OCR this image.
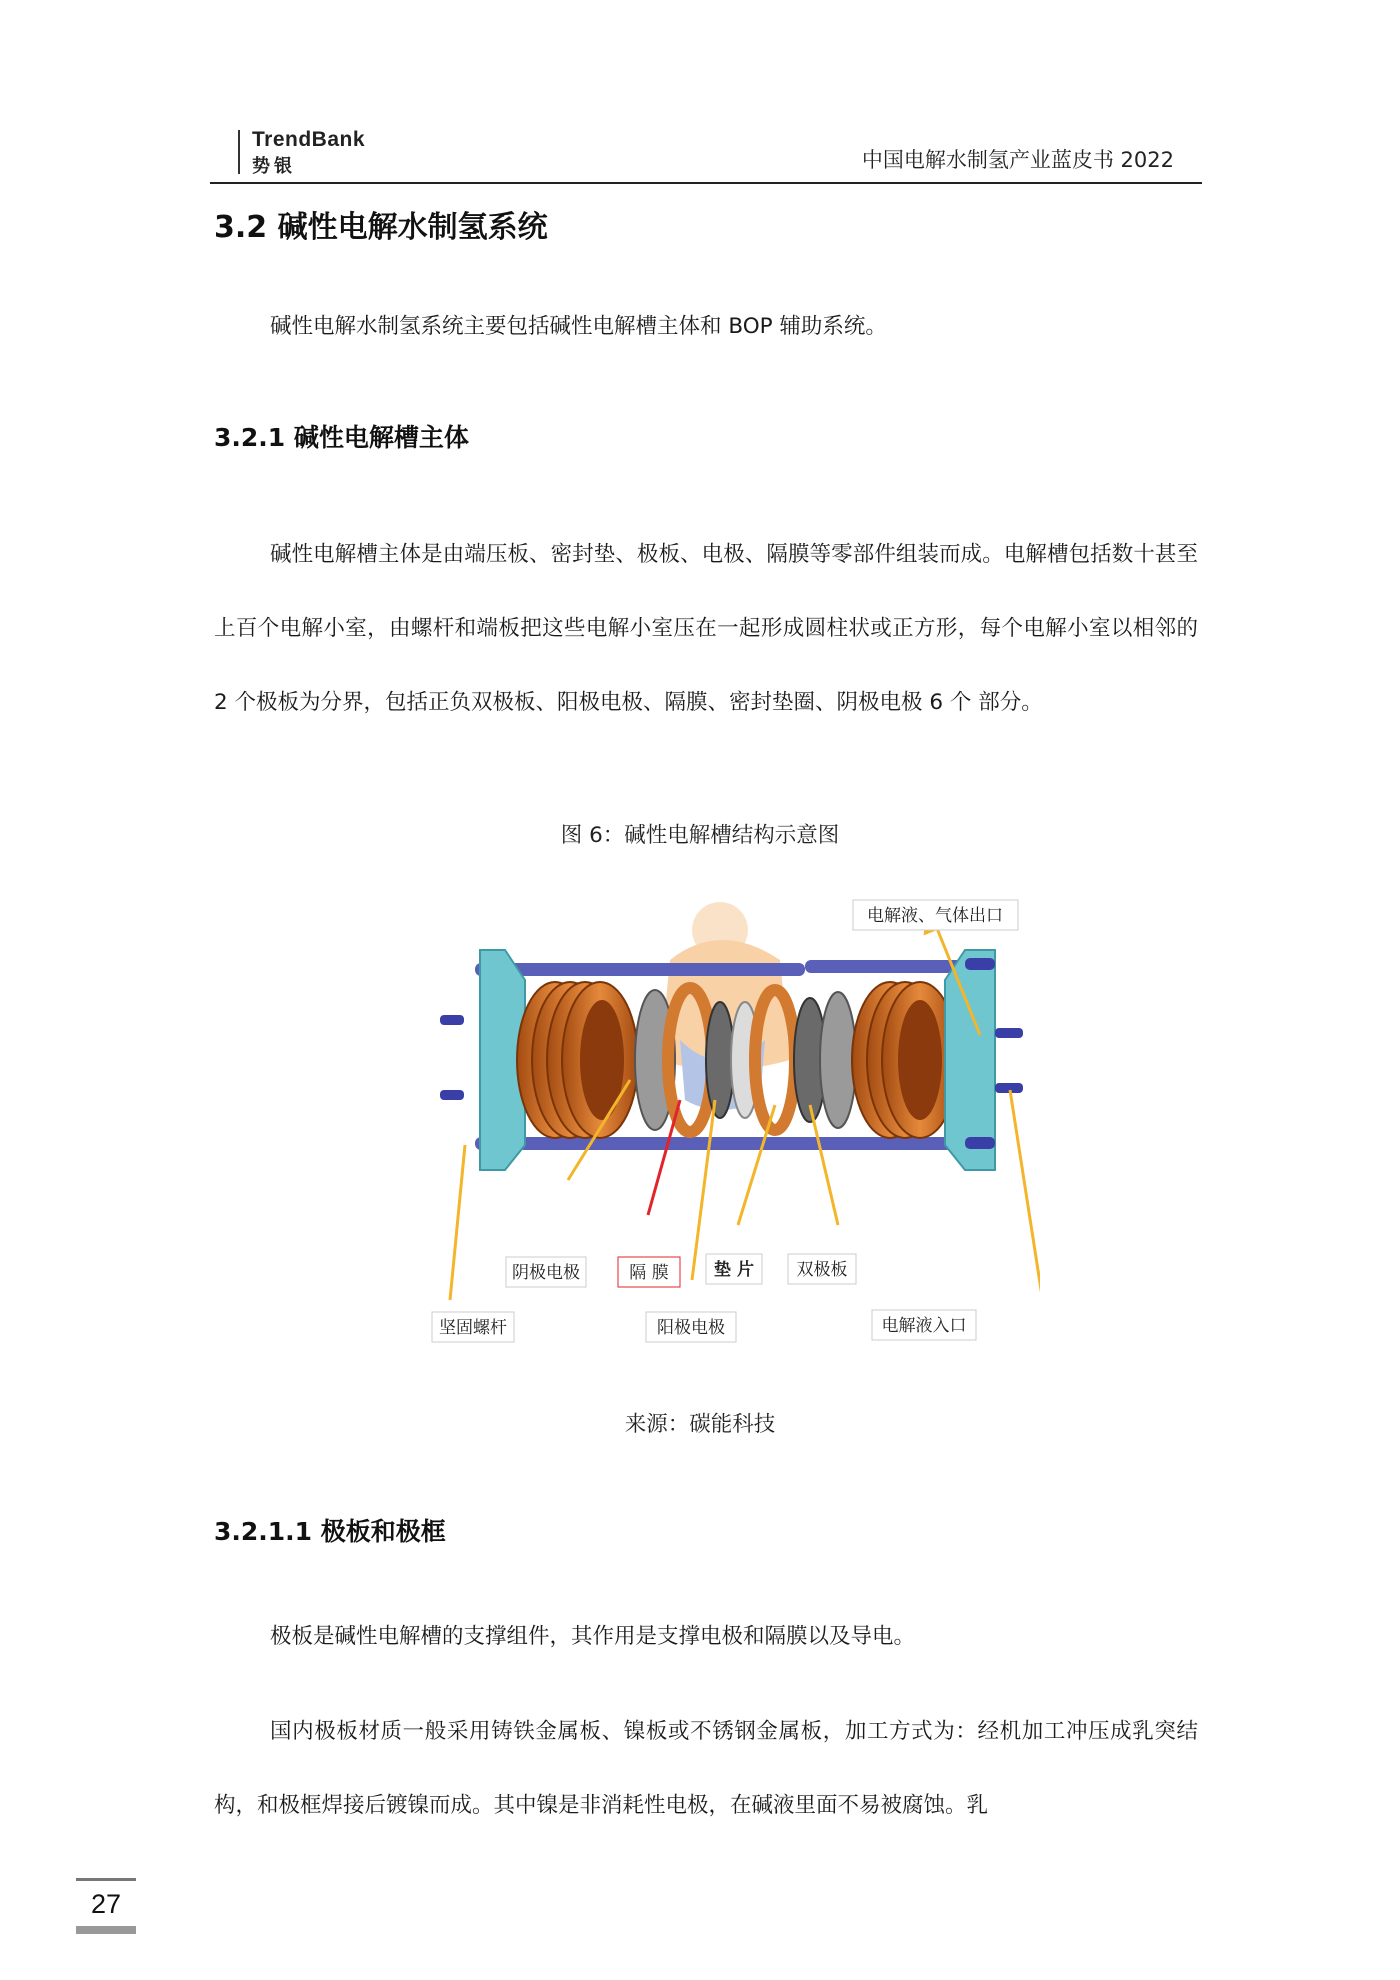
TrendBank
势银	中国电解水制氢产业蓝皮书 2022
3.2 碱性电解水制氢系统

碱性电解水制氢系统主要包括碱性电解槽主体和 BOP 辅助系统。

3.2.1 碱性电解槽主体

碱性电解槽主体是由端压板、密封垫、极板、电极、隔膜等零部件组装而成。电解槽包括数十甚至上百个电解小室，由螺杆和端板把这些电解小室压在一起形成圆柱状或正方形，每个电解小室以相邻的 2 个极板为分界，包括正负双极板、阳极电极、隔膜、密封垫圈、阴极电极 6 个 部分。

图 6：碱性电解槽结构示意图
电解液、气体出口
阴极电极	隔 膜	垫 片	双极板
坚固螺杆	阳极电极	电解液入口
来源：碳能科技
3.2.1.1 极板和极框

极板是碱性电解槽的支撑组件，其作用是支撑电极和隔膜以及导电。

国内极板材质一般采用铸铁金属板、镍板或不锈钢金属板，加工方式为：经机加工冲压成乳突结构，和极框焊接后镀镍而成。其中镍是非消耗性电极，在碱液里面不易被腐蚀。乳

27
